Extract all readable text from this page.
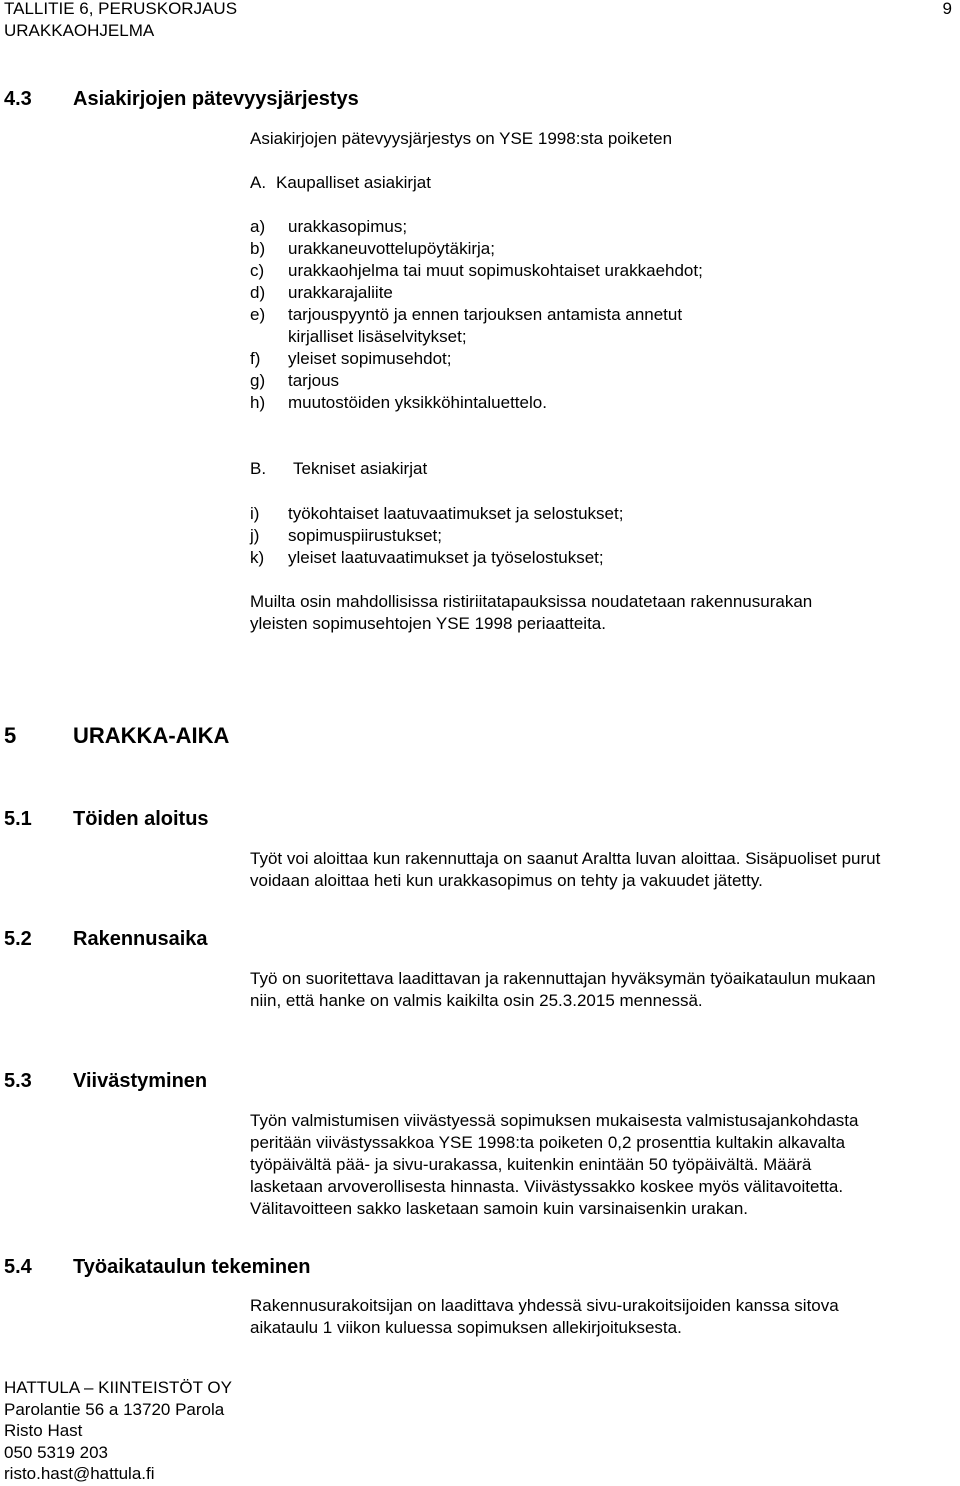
TALLITIE 6, PERUSKORJAUS
URAKKAOHJELMA
9
4.3 Asiakirjojen pätevyysjärjestys
Asiakirjojen pätevyysjärjestys on YSE 1998:sta poiketen
A. Kaupalliset asiakirjat
a) urakkasopimus;
b) urakkaneuvottelupöytäkirja;
c) urakkaohjelma tai muut sopimuskohtaiset urakkaehdot;
d) urakkarajaliite
e) tarjouspyyntö ja ennen tarjouksen antamista annetut
kirjalliset lisäselvitykset;
f) yleiset sopimusehdot;
g) tarjous
h) muutostöiden yksikköhintaluettelo.
B. Tekniset asiakirjat
i) työkohtaiset laatuvaatimukset ja selostukset;
j) sopimuspiirustukset;
k) yleiset laatuvaatimukset ja työselostukset;
Muilta osin mahdollisissa ristiriitatapauksissa noudatetaan rakennusurakan
yleisten sopimusehtojen YSE 1998 periaatteita.
5	URAKKA-AIKA
5.1 Töiden aloitus
Työt voi aloittaa kun rakennuttaja on saanut Araltta luvan aloittaa. Sisäpuoliset purut
voidaan aloittaa heti kun urakkasopimus on tehty ja vakuudet jätetty.
5.2 Rakennusaika
Työ on suoritettava laadittavan ja rakennuttajan hyväksymän työaikataulun mukaan
niin, että hanke on valmis kaikilta osin 25.3.2015 mennessä.
5.3 Viivästyminen
Työn valmistumisen viivästyessä sopimuksen mukaisesta valmistusajankohdasta
peritään viivästyssakkoa YSE 1998:ta poiketen 0,2 prosenttia kultakin alkavalta
työpäivältä pää- ja sivu-urakassa, kuitenkin enintään 50 työpäivältä. Määrä
lasketaan arvoverollisesta hinnasta. Viivästyssakko koskee myös välitavoitetta.
Välitavoitteen sakko lasketaan samoin kuin varsinaisenkin urakan.
5.4 Työaikataulun tekeminen
Rakennusurakoitsijan on laadittava yhdessä sivu-urakoitsijoiden kanssa sitova
aikataulu 1 viikon kuluessa sopimuksen allekirjoituksesta.
HATTULA – KIINTEISTÖT OY
Parolantie 56 a 13720 Parola
Risto Hast
050 5319 203
risto.hast@hattula.fi
